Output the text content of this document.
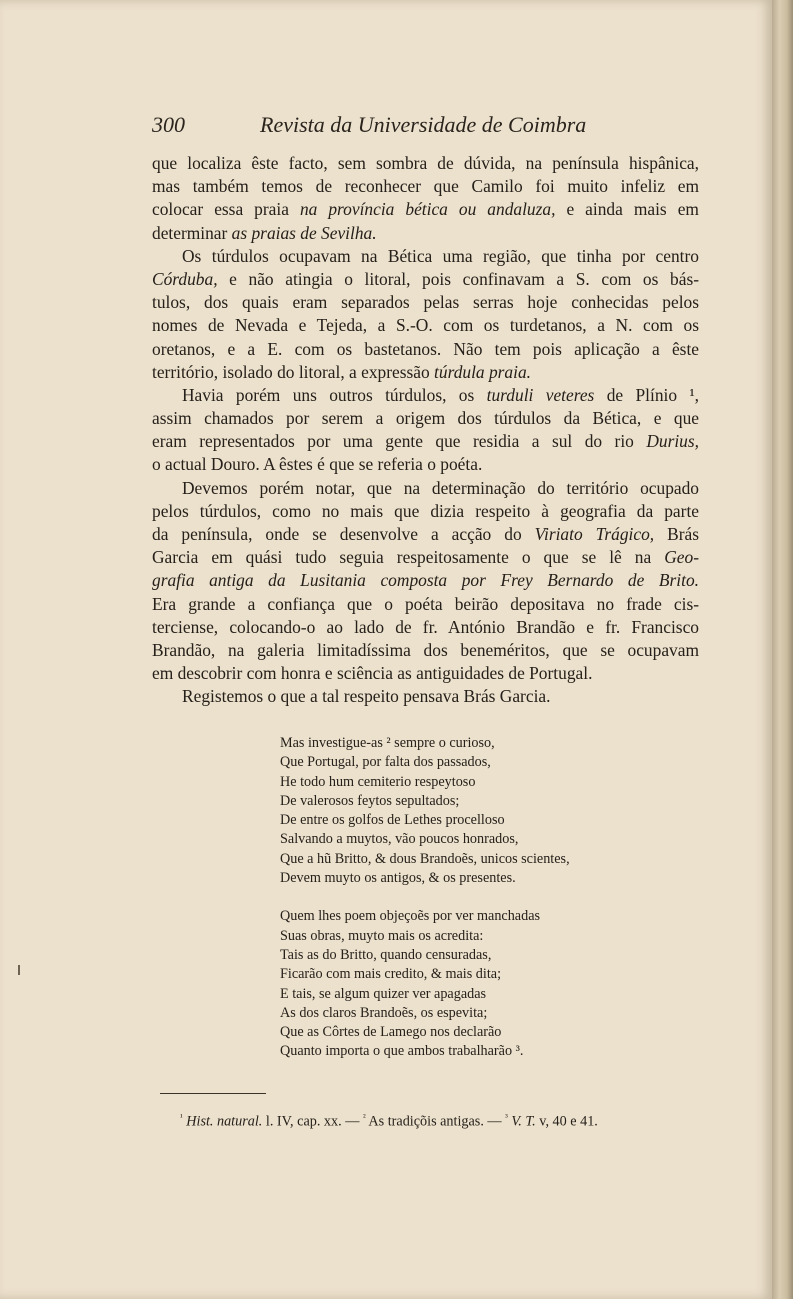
300	Revista da Universidade de Coimbra
que localiza êste facto, sem sombra de dúvida, na península hispânica,
mas também temos de reconhecer que Camilo foi muito infeliz em
colocar essa praia na província bética ou andaluza, e ainda mais em
determinar as praias de Sevilha.
Os túrdulos ocupavam na Bética uma região, que tinha por centro
Córduba, e não atingia o litoral, pois confinavam a S. com os bás-
tulos, dos quais eram separados pelas serras hoje conhecidas pelos
nomes de Nevada e Tejeda, a S.-O. com os turdetanos, a N. com os
oretanos, e a E. com os bastetanos. Não tem pois aplicação a êste
território, isolado do litoral, a expressão túrdula praia.
Havia porém uns outros túrdulos, os turduli veteres de Plínio ¹,
assim chamados por serem a origem dos túrdulos da Bética, e que
eram representados por uma gente que residia a sul do rio Durius,
o actual Douro. A êstes é que se referia o poéta.
Devemos porém notar, que na determinação do território ocupado
pelos túrdulos, como no mais que dizia respeito à geografia da parte
da península, onde se desenvolve a acção do Viriato Trágico, Brás
Garcia em quási tudo seguia respeitosamente o que se lê na Geo-
grafia antiga da Lusitania composta por Frey Bernardo de Brito.
Era grande a confiança que o poéta beirão depositava no frade cis-
terciense, colocando-o ao lado de fr. António Brandão e fr. Francisco
Brandão, na galeria limitadíssima dos beneméritos, que se ocupavam
em descobrir com honra e sciência as antiguidades de Portugal.
Registemos o que a tal respeito pensava Brás Garcia.
Mas investigue-as ² sempre o curioso,
Que Portugal, por falta dos passados,
He todo hum cemiterio respeytoso
De valerosos feytos sepultados;
De entre os golfos de Lethes procelloso
Salvando a muytos, vão poucos honrados,
Que a hũ Britto, & dous Brandoẽs, unicos scientes,
Devem muyto os antigos, & os presentes.
Quem lhes poem objeçoẽs por ver manchadas
Suas obras, muyto mais os acredita:
Tais as do Britto, quando censuradas,
Ficarão com mais credito, & mais dita;
E tais, se algum quizer ver apagadas
As dos claros Brandoẽs, os espevita;
Que as Côrtes de Lamego nos declarão
Quanto importa o que ambos trabalharão ³.
$^{^1}$ Hist. natural. l. IV, cap. xx. — $^{^2}$ As tradiçõis antigas. — $^{^3}$ V. T. v, 40 e 41.
